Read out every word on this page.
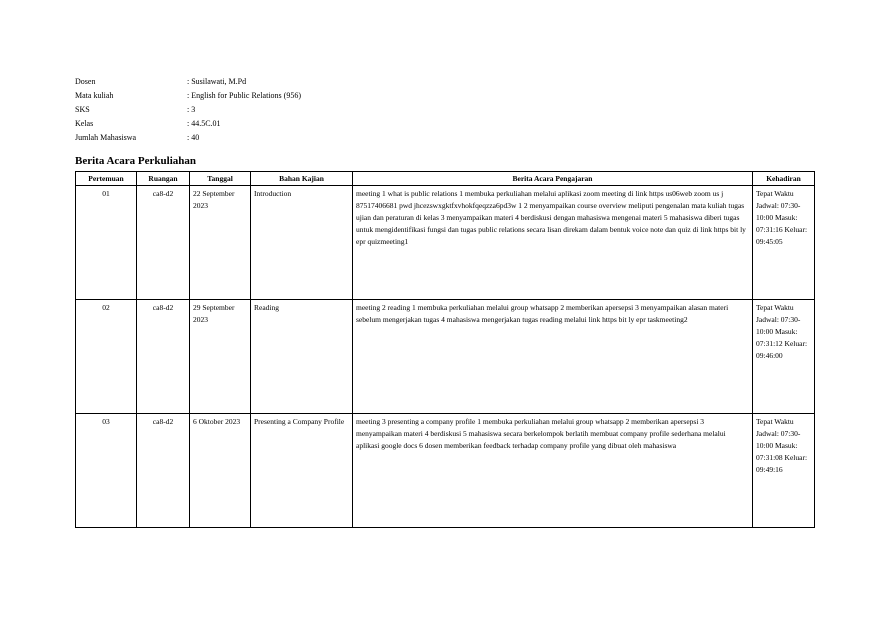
Dosen	: Susilawati, M.Pd
Mata kuliah	: English for Public Relations (956)
SKS	: 3
Kelas	: 44.5C.01
Jumlah Mahasiswa	: 40
Berita Acara Perkuliahan
Pertemuan	Ruangan	Tanggal	Bahan Kajian	Berita Acara Pengajaran	Kehadiran
01	ca8-d2	22 September 2023	Introduction	meeting 1 what is public relations 1 membuka perkuliahan melalui aplikasi zoom meeting di link https us06web zoom us j 87517406681 pwd jhcezswxgktfxvhokfqeqzza6pd3w 1 2 menyampaikan course overview meliputi pengenalan mata kuliah tugas ujian dan peraturan di kelas 3 menyampaikan materi 4 berdiskusi dengan mahasiswa mengenai materi 5 mahasiswa diberi tugas untuk mengidentifikasi fungsi dan tugas public relations secara lisan direkam dalam bentuk voice note dan quiz di link https bit ly epr quizmeeting1	Tepat Waktu Jadwal: 07:30-10:00 Masuk: 07:31:16 Keluar: 09:45:05
02	ca8-d2	29 September 2023	Reading	meeting 2 reading 1 membuka perkuliahan melalui group whatsapp 2 memberikan apersepsi 3 menyampaikan alasan materi sebelum mengerjakan tugas 4 mahasiswa mengerjakan tugas reading melalui link https bit ly epr taskmeeting2	Tepat Waktu Jadwal: 07:30-10:00 Masuk: 07:31:12 Keluar: 09:46:00
03	ca8-d2	6 Oktober 2023	Presenting a Company Profile	meeting 3 presenting a company profile 1 membuka perkuliahan melalui group whatsapp 2 memberikan apersepsi 3 menyampaikan materi 4 berdiskusi 5 mahasiswa secara berkelompok berlatih membuat company profile sederhana melalui aplikasi google docs 6 dosen memberikan feedback terhadap company profile yang dibuat oleh mahasiswa	Tepat Waktu Jadwal: 07:30-10:00 Masuk: 07:31:08 Keluar: 09:49:16
